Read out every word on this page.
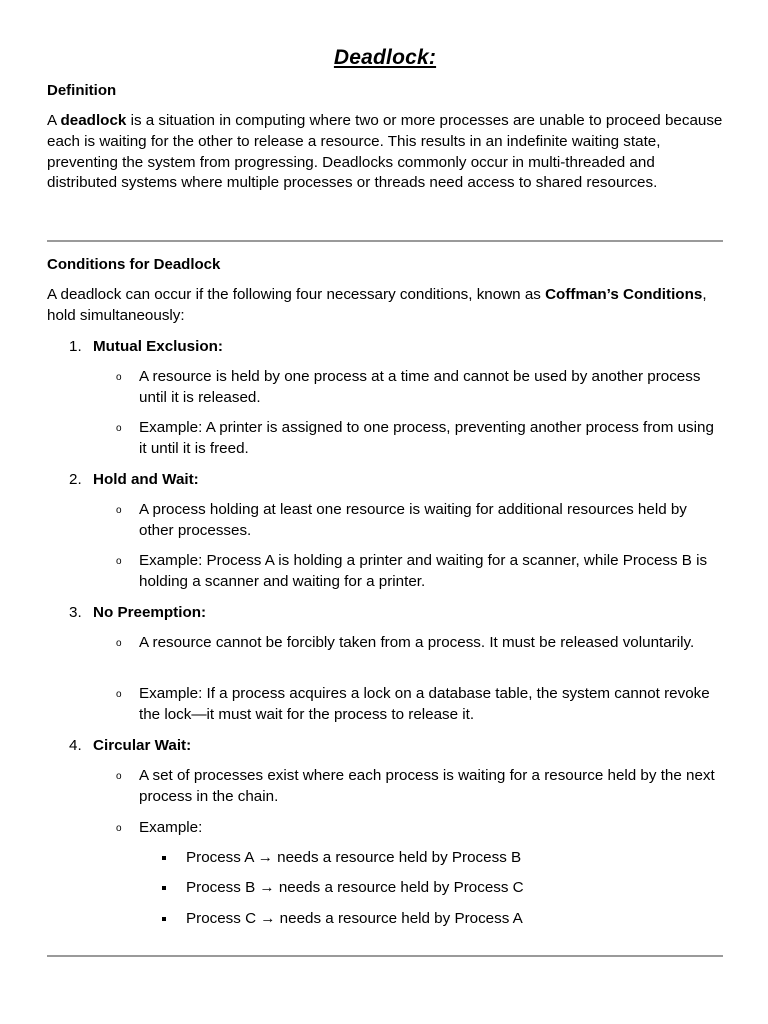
Deadlock:

Definition

A deadlock is a situation in computing where two or more processes are unable to proceed because each is waiting for the other to release a resource. This results in an indefinite waiting state, preventing the system from progressing. Deadlocks commonly occur in multi-threaded and distributed systems where multiple processes or threads need access to shared resources.

Conditions for Deadlock

A deadlock can occur if the following four necessary conditions, known as Coffman’s Conditions, hold simultaneously:

1. Mutual Exclusion:
o A resource is held by one process at a time and cannot be used by another process until it is released.
o Example: A printer is assigned to one process, preventing another process from using it until it is freed.
2. Hold and Wait:
o A process holding at least one resource is waiting for additional resources held by other processes.
o Example: Process A is holding a printer and waiting for a scanner, while Process B is holding a scanner and waiting for a printer.
3. No Preemption:
o A resource cannot be forcibly taken from a process. It must be released voluntarily.
o Example: If a process acquires a lock on a database table, the system cannot revoke the lock—it must wait for the process to release it.
4. Circular Wait:
o A set of processes exist where each process is waiting for a resource held by the next process in the chain.
o Example:
Process A → needs a resource held by Process B
Process B → needs a resource held by Process C
Process C → needs a resource held by Process A
